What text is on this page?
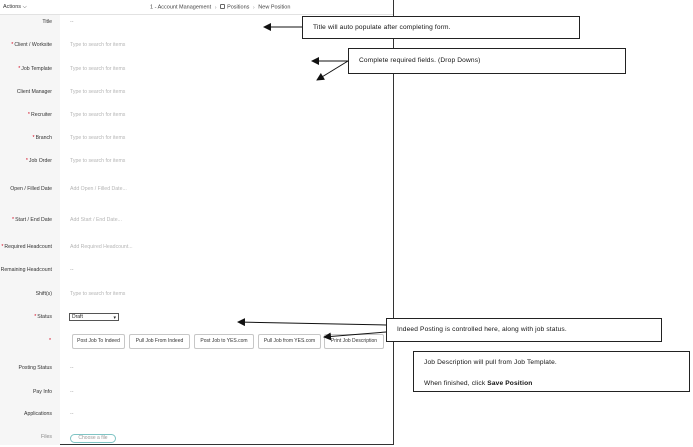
Actions ⌵	1 - Account Management › Positions › New Position
Title	--
*Client / Worksite	Type to search for items
*Job Template	Type to search for items
Client Manager	Type to search for items
*Recruiter	Type to search for items
*Branch	Type to search for items
*Job Order	Type to search for items
Open / Filled Date	Add Open / Filled Date...
*Start / End Date	Add Start / End Date...
*Required Headcount	Add Required Headcount...
Remaining Headcount	--
Shift(s)	Type to search for items
*Status	Draft	▾
*	Post Job To Indeed	Pull Job From Indeed	Post Job to YES.com	Pull Job from YES.com	Print Job Description
Posting Status	--
Pay Info	--
Applications	--
Files	Choose a file

Title will auto populate after completing form.

Complete required fields. (Drop Downs)

Indeed Posting is controlled here, along with job status.

Job Description will pull from Job Template.

When finished, click Save Position
